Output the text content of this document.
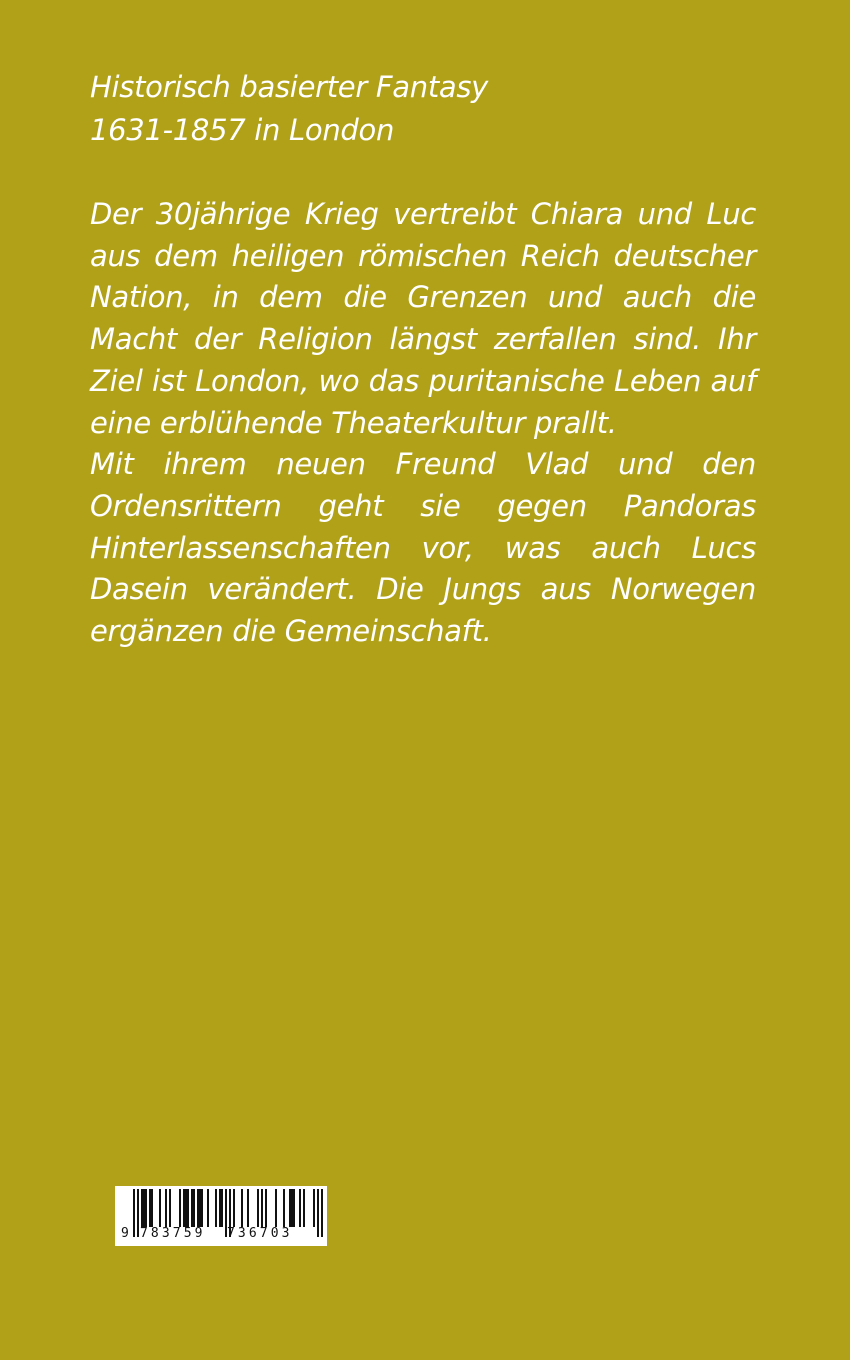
Historisch basierter Fantasy
1631-1857 in London

Der 30jährige Krieg vertreibt Chiara und Luc aus dem heiligen römischen Reich deutscher Nation, in dem die Grenzen und auch die Macht der Religion längst zerfallen sind. Ihr Ziel ist London, wo das puritanische Leben auf eine erblühende Theaterkultur prallt.

Mit ihrem neuen Freund Vlad und den Ordensrittern geht sie gegen Pandoras Hinterlassenschaften vor, was auch Lucs Dasein verändert. Die Jungs aus Norwegen ergänzen die Gemeinschaft.

9 783759 736703
